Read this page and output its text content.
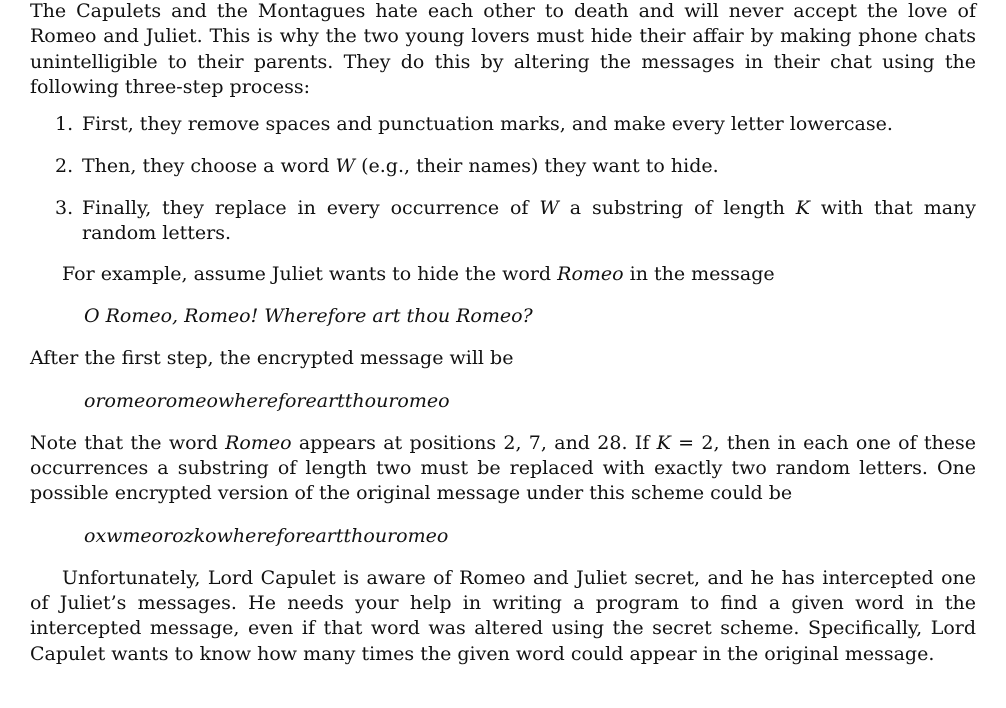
The Capulets and the Montagues hate each other to death and will never accept the love of Romeo and Juliet. This is why the two young lovers must hide their affair by making phone chats unintelligible to their parents. They do this by altering the messages in their chat using the following three-step process:

1. First, they remove spaces and punctuation marks, and make every letter lowercase.
2. Then, they choose a word W (e.g., their names) they want to hide.
3. Finally, they replace in every occurrence of W a substring of length K with that many random letters.

For example, assume Juliet wants to hide the word Romeo in the message

O Romeo, Romeo! Wherefore art thou Romeo?

After the first step, the encrypted message will be

oromeoromeowhereforeartthouromeo

Note that the word Romeo appears at positions 2, 7, and 28. If K = 2, then in each one of these occurrences a substring of length two must be replaced with exactly two random letters. One possible encrypted version of the original message under this scheme could be

oxwmeorozkowhereforeartthouromeo

Unfortunately, Lord Capulet is aware of Romeo and Juliet secret, and he has intercepted one of Juliet’s messages. He needs your help in writing a program to find a given word in the intercepted message, even if that word was altered using the secret scheme. Specifically, Lord Capulet wants to know how many times the given word could appear in the original message.
